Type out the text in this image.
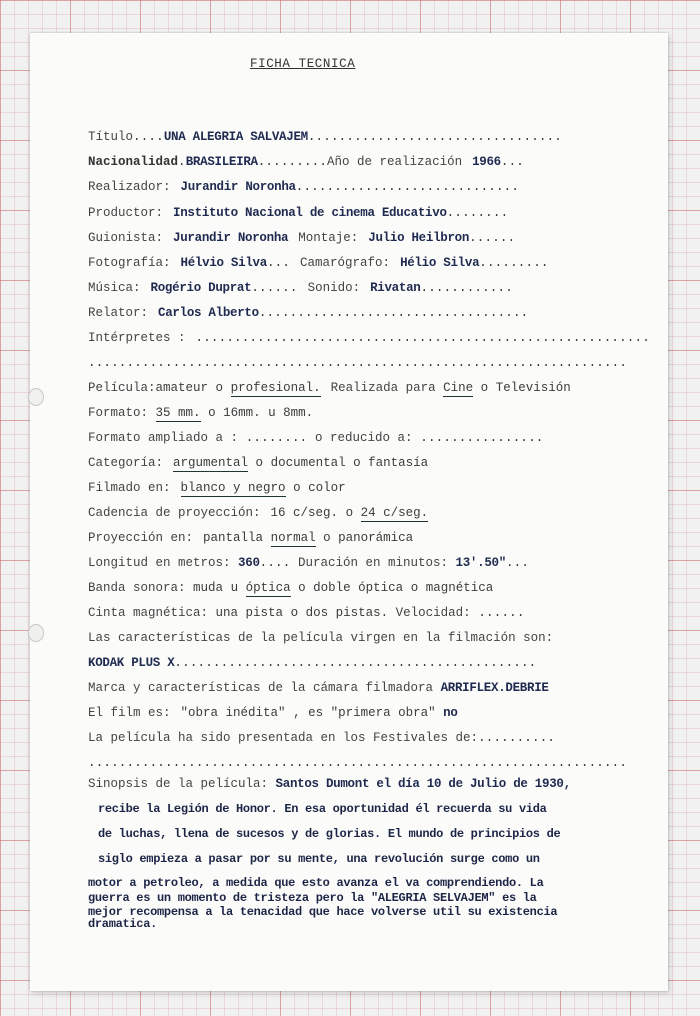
FICHA TECNICA
Título....UNA ALEGRIA SALVAJEM.................................
Nacionalidad.BRASILEIRA.........Año de realización 1966...
Realizador: Jurandir Noronha.............................
Productor: Instituto Nacional de cinema Educativo........
Guionista: Jurandir Noronha Montaje: Julio Heilbron......
Fotografía: Hélvio Silva... Camarógrafo: Hélio Silva.........
Música: Rogério Duprat...... Sonido: Rivatan............
Relator: Carlos Alberto...................................
Intérpretes : ...........................................................
......................................................................
Película:amateur o profesional. Realizada para Cine o Televisión
Formato: 35 mm. o 16mm. u 8mm.
Formato ampliado a : ........ o reducido a: ................
Categoría: argumental o documental o fantasía
Filmado en: blanco y negro o color
Cadencia de proyección: 16 c/seg. o 24 c/seg.
Proyección en: pantalla normal o panorámica
Longitud en metros: 360.... Duración en minutos: 13'.50"...
Banda sonora: muda u óptica o doble óptica o magnética
Cinta magnética: una pista o dos pistas. Velocidad: ......
Las características de la película virgen en la filmación son:
KODAK PLUS X...............................................
Marca y características de la cámara filmadora ARRIFLEX.DEBRIE
El film es: "obra inédita" , es "primera obra" no
La película ha sido presentada en los Festivales de:..........
......................................................................
Sinopsis de la película: Santos Dumont el día 10 de Julio de 1930,
recibe la Legión de Honor. En esa oportunidad él recuerda su vida
de luchas, llena de sucesos y de glorias. El mundo de principios de
siglo empieza a pasar por su mente, una revolución surge como un
motor a petroleo, a medida que esto avanza el va comprendiendo. La
guerra es un momento de tristeza pero la "ALEGRIA SELVAJEM" es la
mejor recompensa a la tenacidad que hace volverse util su existencia
dramatica.
